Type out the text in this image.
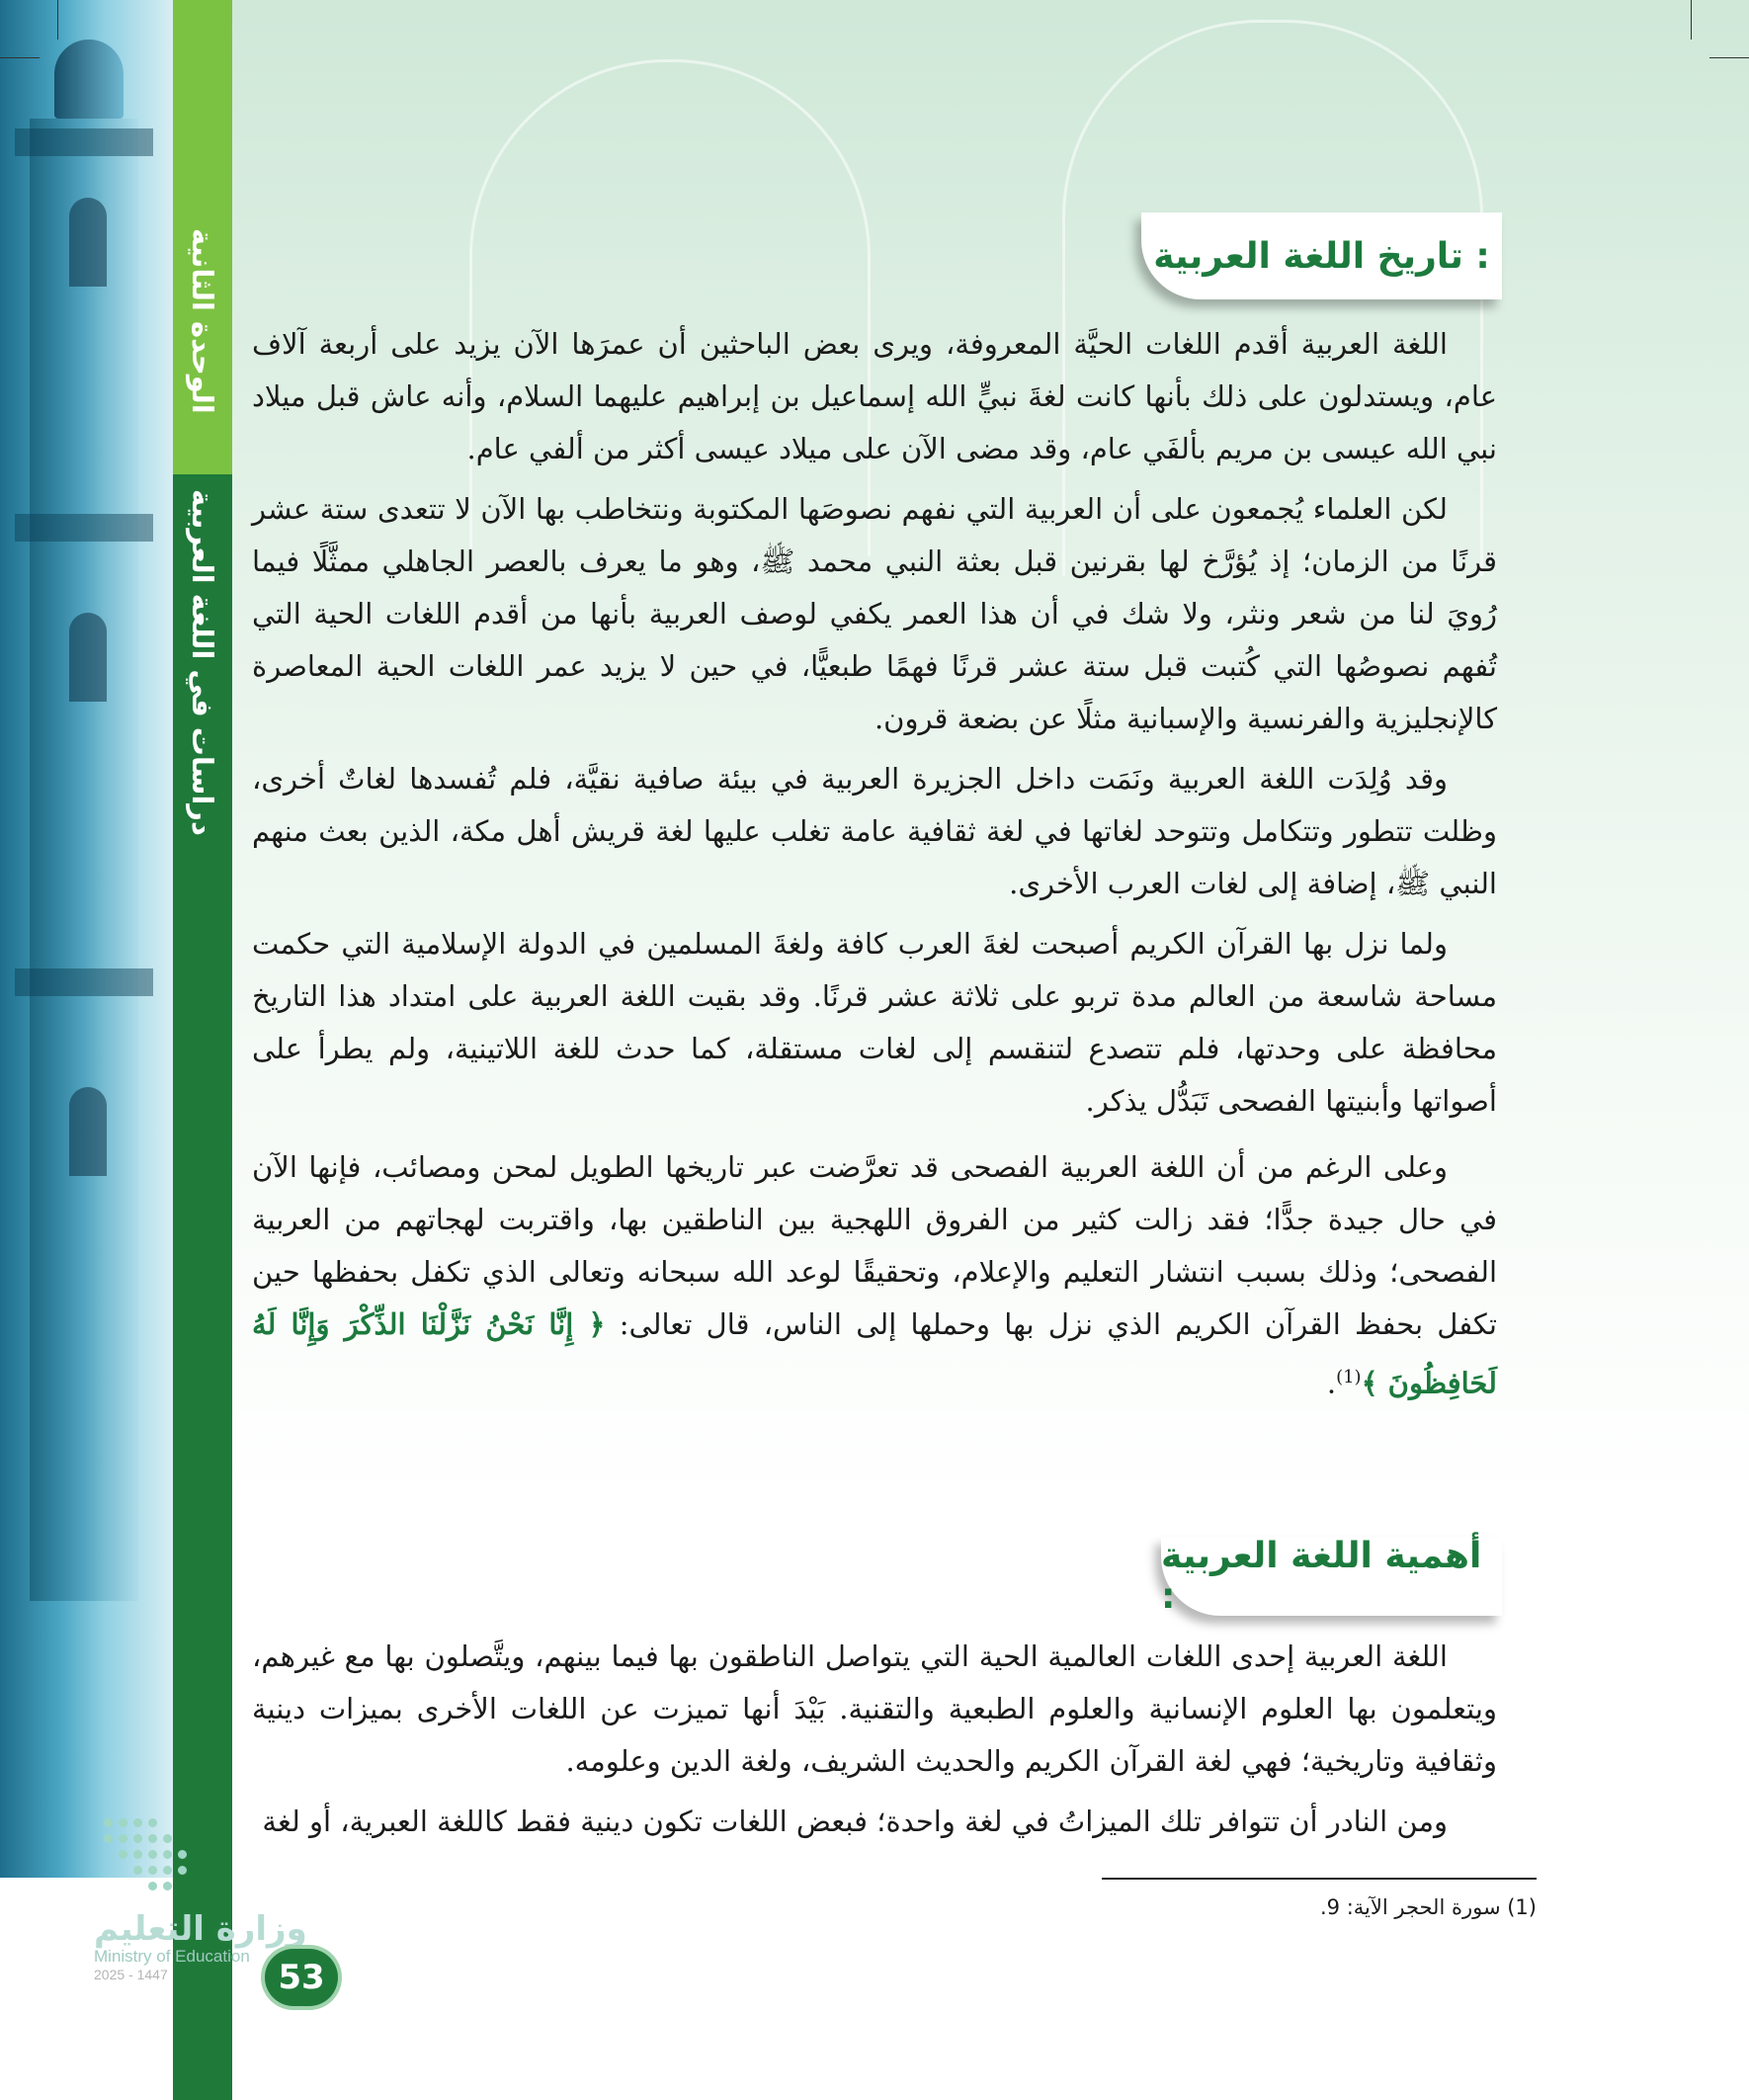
الوحدة الثانية
دراسات في اللغة العربية
تاريخ اللغة العربية :

اللغة العربية أقدم اللغات الحيَّة المعروفة، ويرى بعض الباحثين أن عمرَها الآن يزيد على أربعة آلاف عام، ويستدلون على ذلك بأنها كانت لغةَ نبيٍّ الله إسماعيل بن إبراهيم عليهما السلام، وأنه عاش قبل ميلاد نبي الله عيسى بن مريم بألفَي عام، وقد مضى الآن على ميلاد عيسى أكثر من ألفي عام.

لكن العلماء يُجمعون على أن العربية التي نفهم نصوصَها المكتوبة ونتخاطب بها الآن لا تتعدى ستة عشر قرنًا من الزمان؛ إذ يُؤرَّخ لها بقرنين قبل بعثة النبي محمد ﷺ، وهو ما يعرف بالعصر الجاهلي ممثَّلًا فيما رُويَ لنا من شعر ونثر، ولا شك في أن هذا العمر يكفي لوصف العربية بأنها من أقدم اللغات الحية التي تُفهم نصوصُها التي كُتبت قبل ستة عشر قرنًا فهمًا طبعيًّا، في حين لا يزيد عمر اللغات الحية المعاصرة كالإنجليزية والفرنسية والإسبانية مثلًا عن بضعة قرون.

وقد وُلِدَت اللغة العربية ونَمَت داخل الجزيرة العربية في بيئة صافية نقيَّة، فلم تُفسدها لغاتٌ أخرى، وظلت تتطور وتتكامل وتتوحد لغاتها في لغة ثقافية عامة تغلب عليها لغة قريش أهل مكة، الذين بعث منهم النبي ﷺ، إضافة إلى لغات العرب الأخرى.

ولما نزل بها القرآن الكريم أصبحت لغةَ العرب كافة ولغةَ المسلمين في الدولة الإسلامية التي حكمت مساحة شاسعة من العالم مدة تربو على ثلاثة عشر قرنًا. وقد بقيت اللغة العربية على امتداد هذا التاريخ محافظة على وحدتها، فلم تتصدع لتنقسم إلى لغات مستقلة، كما حدث للغة اللاتينية، ولم يطرأ على أصواتها وأبنيتها الفصحى تَبَدُّل يذكر.

وعلى الرغم من أن اللغة العربية الفصحى قد تعرَّضت عبر تاريخها الطويل لمحن ومصائب، فإنها الآن في حال جيدة جدًّا؛ فقد زالت كثير من الفروق اللهجية بين الناطقين بها، واقتربت لهجاتهم من العربية الفصحى؛ وذلك بسبب انتشار التعليم والإعلام، وتحقيقًا لوعد الله سبحانه وتعالى الذي تكفل بحفظها حين تكفل بحفظ القرآن الكريم الذي نزل بها وحملها إلى الناس، قال تعالى: ﴿ إِنَّا نَحْنُ نَزَّلْنَا الذِّكْرَ وَإِنَّا لَهُ لَحَافِظُونَ ﴾$^{(1)}$.

أهمية اللغة العربية :

اللغة العربية إحدى اللغات العالمية الحية التي يتواصل الناطقون بها فيما بينهم، ويتَّصلون بها مع غيرهم، ويتعلمون بها العلوم الإنسانية والعلوم الطبعية والتقنية. بَيْدَ أنها تميزت عن اللغات الأخرى بميزات دينية وثقافية وتاريخية؛ فهي لغة القرآن الكريم والحديث الشريف، ولغة الدين وعلومه.

ومن النادر أن تتوافر تلك الميزاتُ في لغة واحدة؛ فبعض اللغات تكون دينية فقط كاللغة العبرية، أو لغة

(1) سورة الحجر الآية: 9.
وزارة التعليم
Ministry of Education
2025 - 1447	53
